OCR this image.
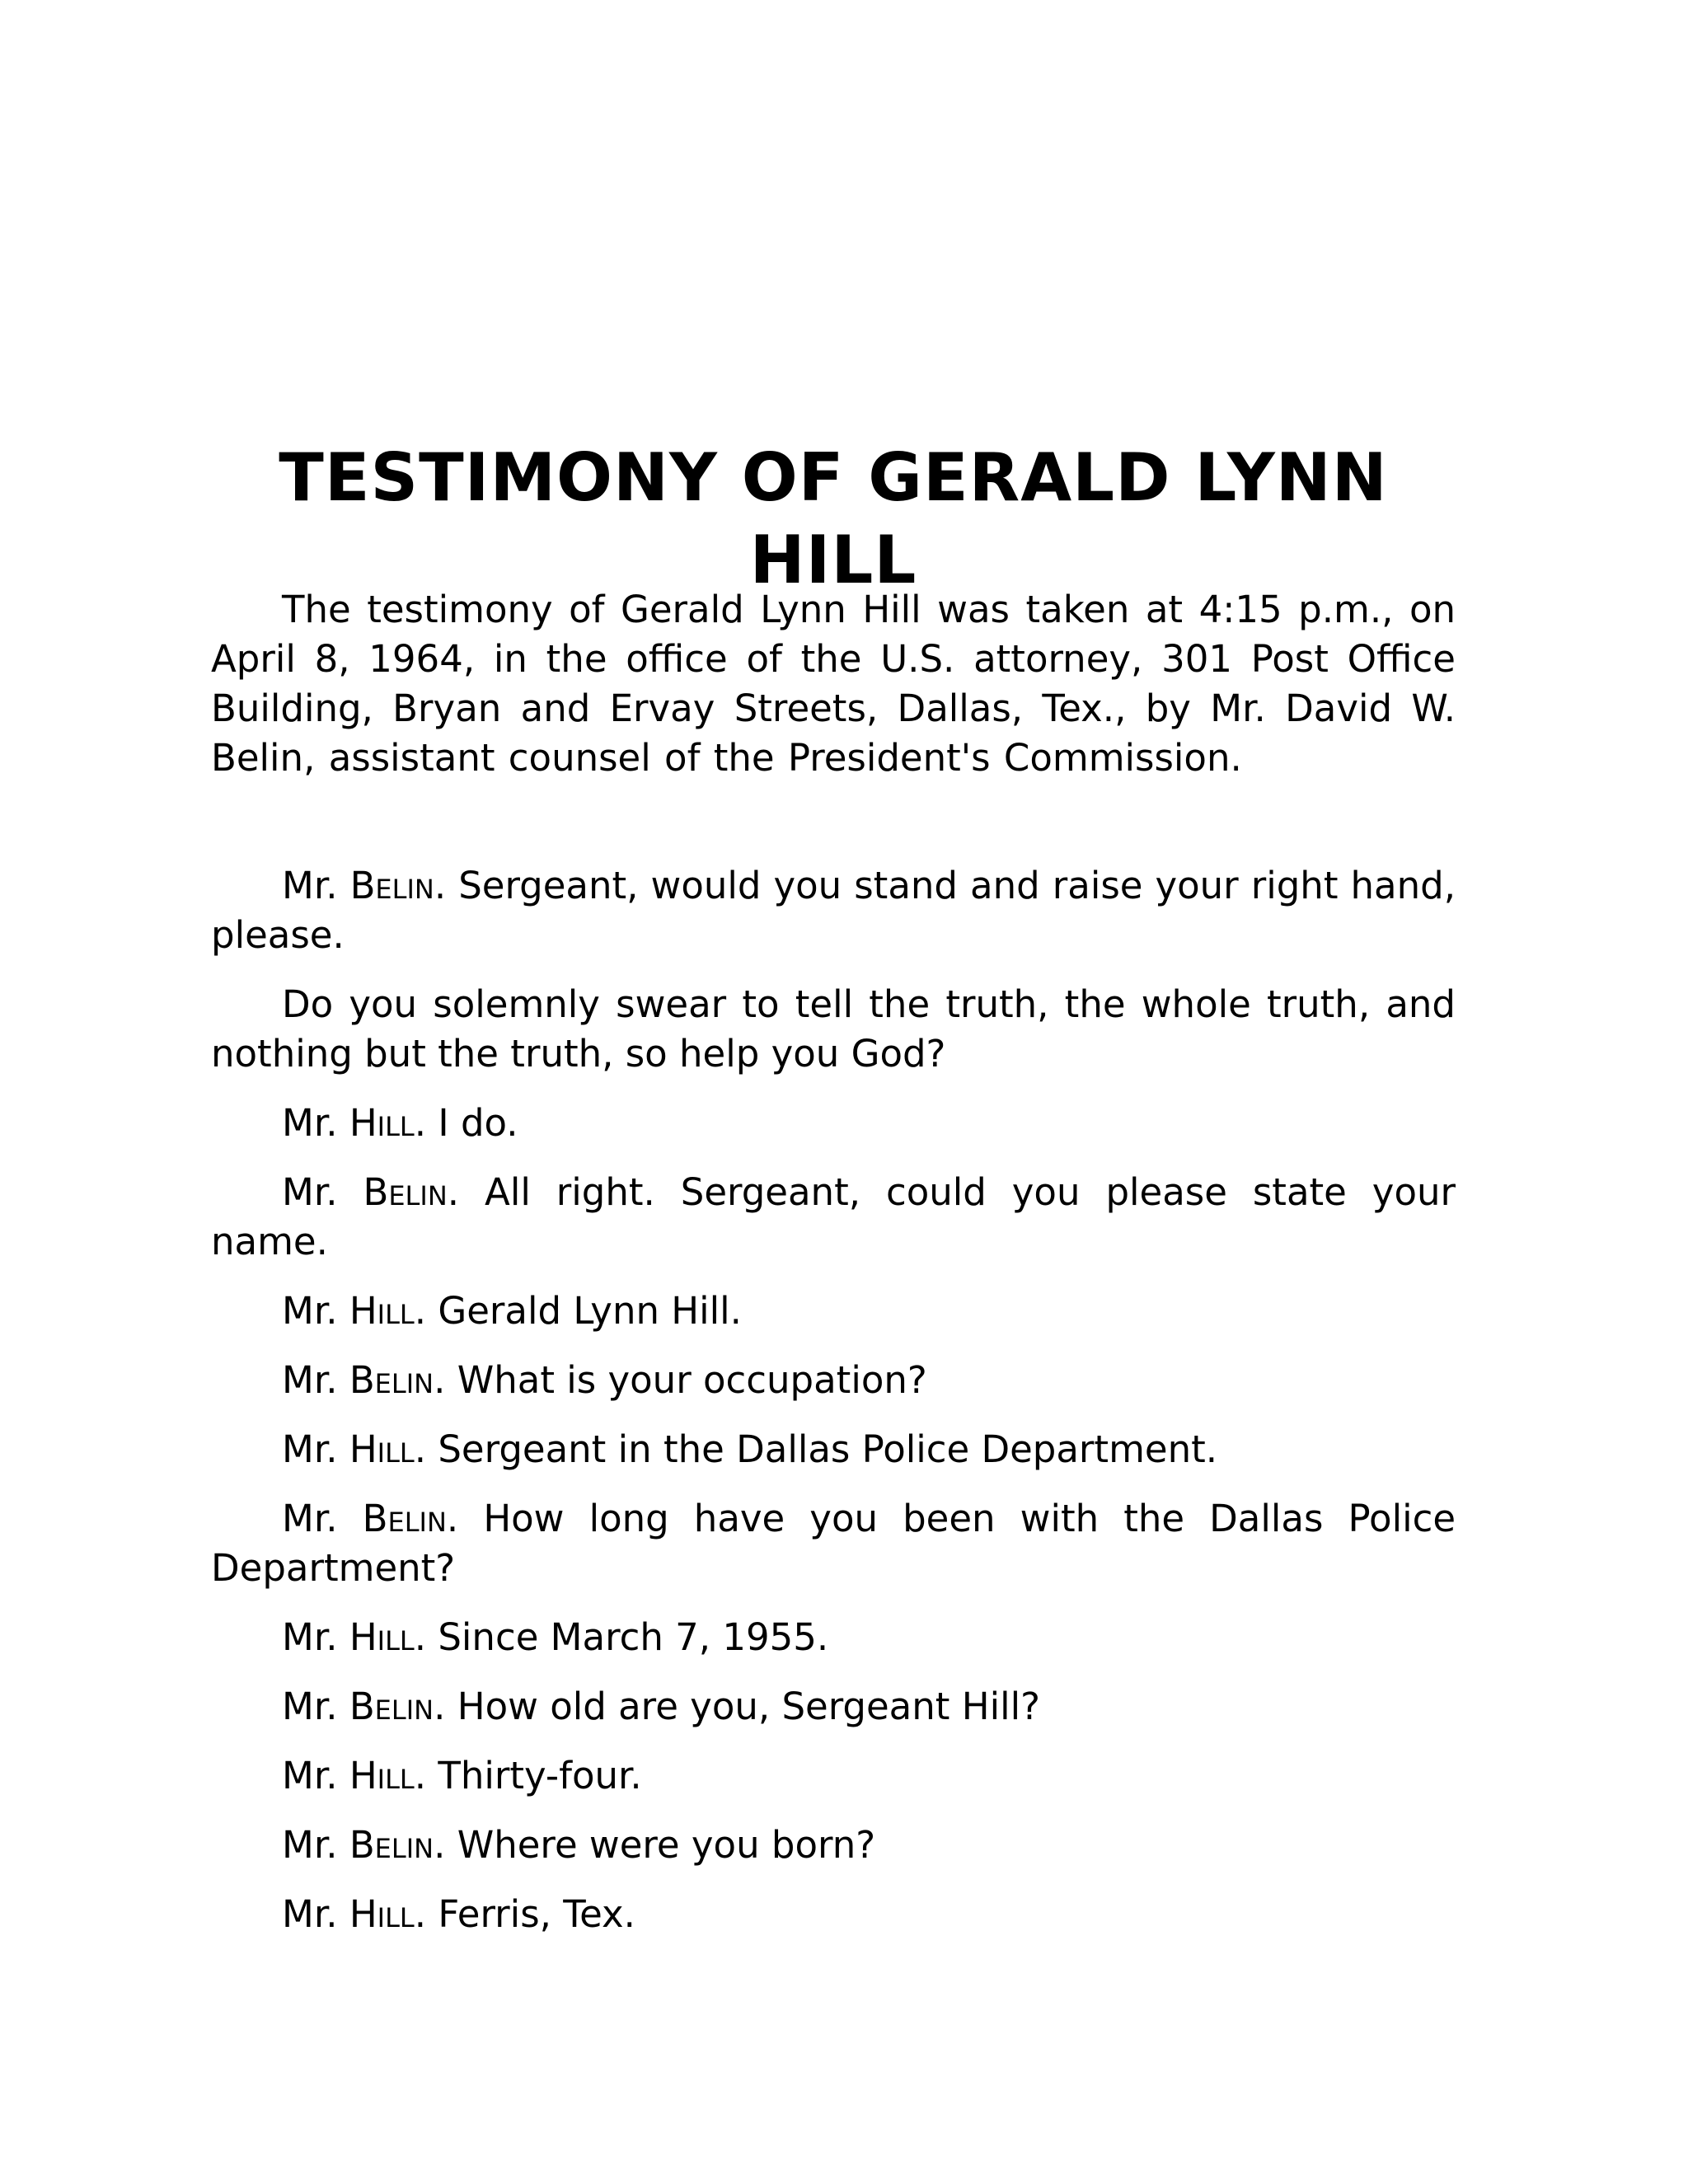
TESTIMONY OF GERALD LYNN HILL

The testimony of Gerald Lynn Hill was taken at 4:15 p.m., on April 8, 1964, in the office of the U.S. attorney, 301 Post Office Building, Bryan and Ervay Streets, Dallas, Tex., by Mr. David W. Belin, assistant counsel of the President's Commission.

Mr. Belin. Sergeant, would you stand and raise your right hand, please.

Do you solemnly swear to tell the truth, the whole truth, and nothing but the truth, so help you God?

Mr. Hill. I do.

Mr. Belin. All right. Sergeant, could you please state your name.

Mr. Hill. Gerald Lynn Hill.

Mr. Belin. What is your occupation?

Mr. Hill. Sergeant in the Dallas Police Department.

Mr. Belin. How long have you been with the Dallas Police Department?

Mr. Hill. Since March 7, 1955.

Mr. Belin. How old are you, Sergeant Hill?

Mr. Hill. Thirty-four.

Mr. Belin. Where were you born?

Mr. Hill. Ferris, Tex.
